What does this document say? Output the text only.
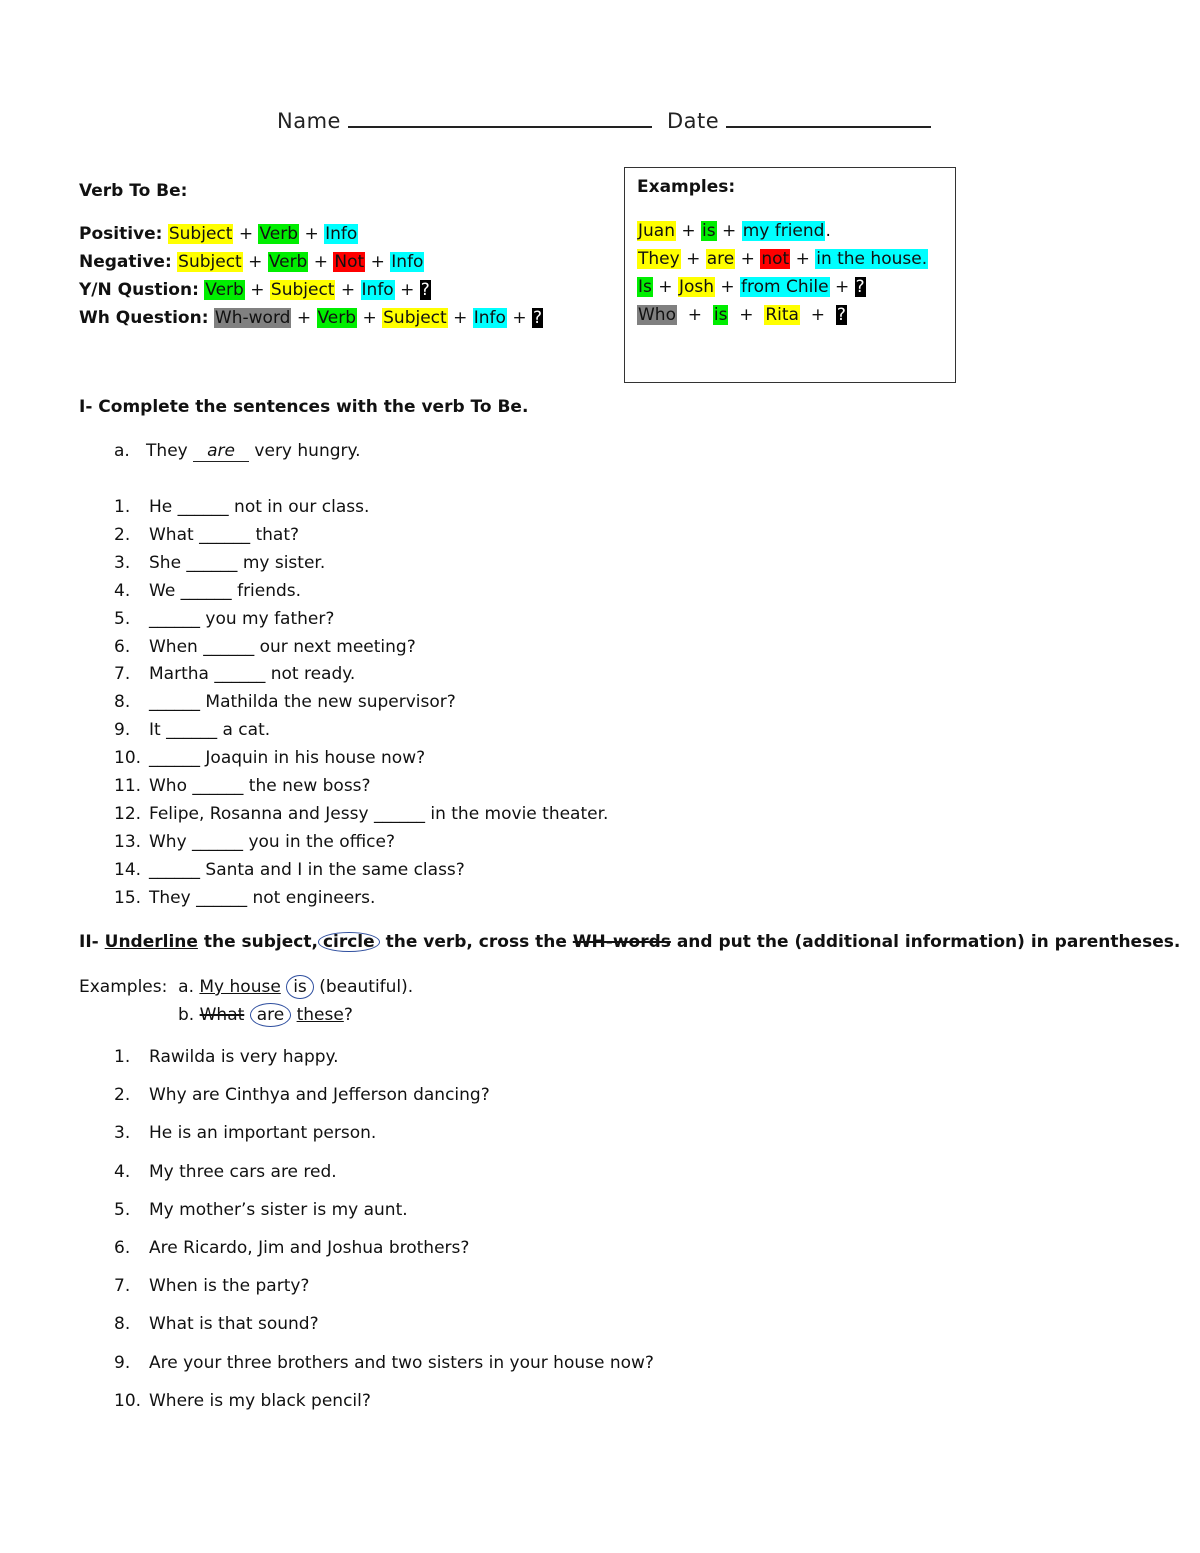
Name	Date
Verb To Be:
Positive: Subject + Verb + Info
Negative: Subject + Verb + Not + Info
Y/N Qustion: Verb + Subject + Info + ?
Wh Question: Wh-word + Verb + Subject + Info + ?
Examples:
Juan + is + my friend.
They + are + not + in the house.
Is + Josh + from Chile + ?
Who + is + Rita + ?
I- Complete the sentences with the verb To Be.
a. They are very hungry.
1. He ______ not in our class.
2. What ______ that?
3. She ______ my sister.
4. We ______ friends.
5. ______ you my father?
6. When ______ our next meeting?
7. Martha ______ not ready.
8. ______ Mathilda the new supervisor?
9. It ______ a cat.
10. ______ Joaquin in his house now?
11. Who ______ the new boss?
12. Felipe, Rosanna and Jessy ______ in the movie theater.
13. Why ______ you in the office?
14. ______ Santa and I in the same class?
15. They ______ not engineers.
II- Underline the subject, circle the verb, cross the WH-words and put the (additional information) in parentheses.
Examples: a. My house is (beautiful).
b. What are these?
1. Rawilda is very happy.
2. Why are Cinthya and Jefferson dancing?
3. He is an important person.
4. My three cars are red.
5. My mother’s sister is my aunt.
6. Are Ricardo, Jim and Joshua brothers?
7. When is the party?
8. What is that sound?
9. Are your three brothers and two sisters in your house now?
10. Where is my black pencil?
